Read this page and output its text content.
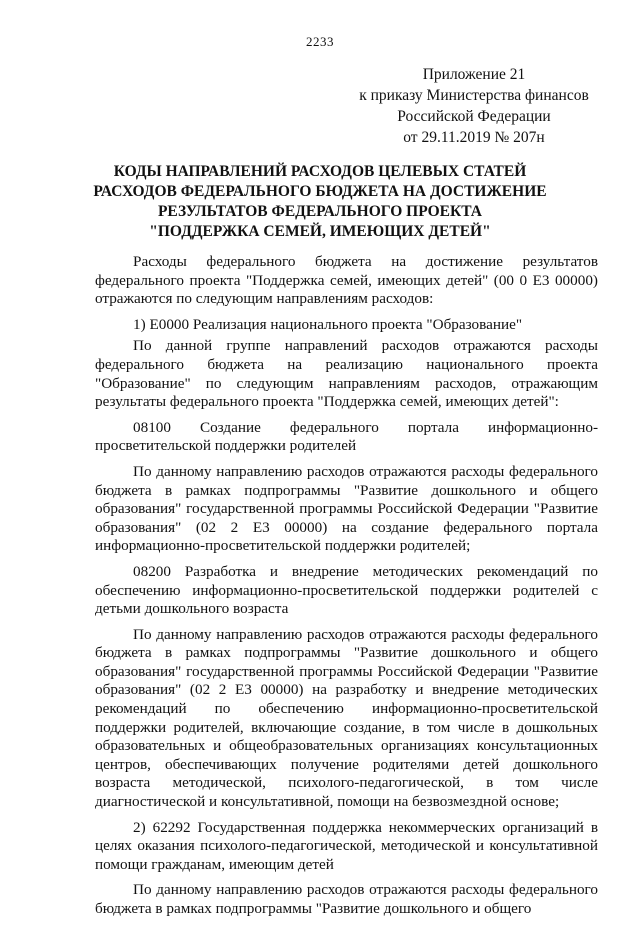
2233
Приложение 21
к приказу Министерства финансов
Российской Федерации
от 29.11.2019 № 207н
КОДЫ НАПРАВЛЕНИЙ РАСХОДОВ ЦЕЛЕВЫХ СТАТЕЙ
РАСХОДОВ ФЕДЕРАЛЬНОГО БЮДЖЕТА НА ДОСТИЖЕНИЕ
РЕЗУЛЬТАТОВ ФЕДЕРАЛЬНОГО ПРОЕКТА
"ПОДДЕРЖКА СЕМЕЙ, ИМЕЮЩИХ ДЕТЕЙ"

Расходы федерального бюджета на достижение результатов федерального проекта "Поддержка семей, имеющих детей" (00 0 Е3 00000) отражаются по следующим направлениям расходов:

1) Е0000 Реализация национального проекта "Образование"

По данной группе направлений расходов отражаются расходы федерального бюджета на реализацию национального проекта "Образование" по следующим направлениям расходов, отражающим результаты федерального проекта "Поддержка семей, имеющих детей":

08100 Создание федерального портала информационно-просветительской поддержки родителей

По данному направлению расходов отражаются расходы федерального бюджета в рамках подпрограммы "Развитие дошкольного и общего образования" государственной программы Российской Федерации "Развитие образования" (02 2 Е3 00000) на создание федерального портала информационно-просветительской поддержки родителей;

08200 Разработка и внедрение методических рекомендаций по обеспечению информационно-просветительской поддержки родителей с детьми дошкольного возраста

По данному направлению расходов отражаются расходы федерального бюджета в рамках подпрограммы "Развитие дошкольного и общего образования" государственной программы Российской Федерации "Развитие образования" (02 2 Е3 00000) на разработку и внедрение методических рекомендаций по обеспечению информационно-просветительской поддержки родителей, включающие создание, в том числе в дошкольных образовательных и общеобразовательных организациях консультационных центров, обеспечивающих получение родителями детей дошкольного возраста методической, психолого-педагогической, в том числе диагностической и консультативной, помощи на безвозмездной основе;

2) 62292 Государственная поддержка некоммерческих организаций в целях оказания психолого-педагогической, методической и консультативной помощи гражданам, имеющим детей

По данному направлению расходов отражаются расходы федерального бюджета в рамках подпрограммы "Развитие дошкольного и общего
